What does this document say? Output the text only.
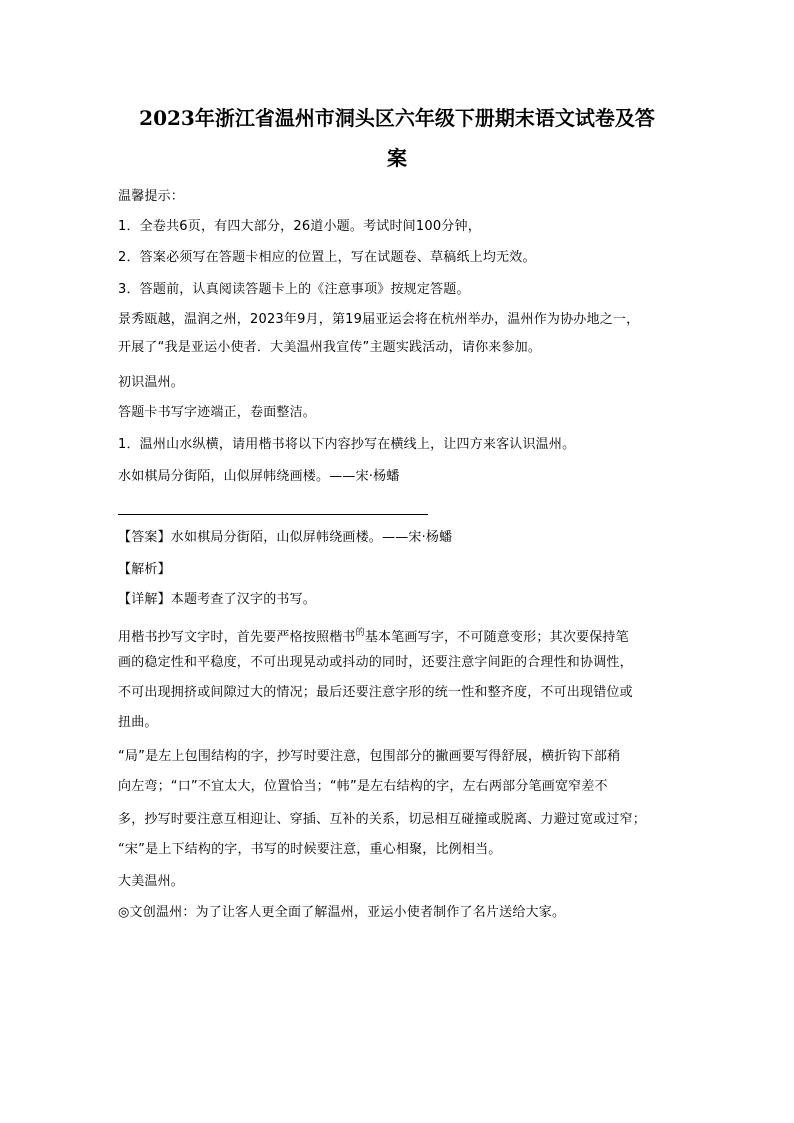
2023年浙江省温州市洞头区六年级下册期末语文试卷及答
案
温馨提示：
1．全卷共6页，有四大部分，26道小题。考试时间100分钟，
2．答案必须写在答题卡相应的位置上，写在试题卷、草稿纸上均无效。
3．答题前，认真阅读答题卡上的《注意事项》按规定答题。
景秀瓯越，温润之州，2023年9月，第19届亚运会将在杭州举办，温州作为协办地之一，
开展了“我是亚运小使者．大美温州我宣传”主题实践活动，请你来参加。
初识温州。
答题卡书写字迹端正，卷面整洁。
1．温州山水纵横，请用楷书将以下内容抄写在横线上，让四方来客认识温州。
水如棋局分街陌，山似屏帏绕画楼。——宋·杨蟠
【答案】水如棋局分街陌，山似屏帏绕画楼。——宋·杨蟠
【解析】
【详解】本题考查了汉字的书写。
用楷书抄写文字时，首先要严格按照楷书$^的$基本笔画写字，不可随意变形；其次要保持笔
画的稳定性和平稳度，不可出现晃动或抖动的同时，还要注意字间距的合理性和协调性，
不可出现拥挤或间隙过大的情况；最后还要注意字形的统一性和整齐度，不可出现错位或
扭曲。
“局”是左上包围结构的字，抄写时要注意，包围部分的撇画要写得舒展，横折钩下部稍
向左弯；“口”不宜太大，位置恰当；“帏”是左右结构的字，左右两部分笔画宽窄差不
多，抄写时要注意互相迎让、穿插、互补的关系，切忌相互碰撞或脱离、力避过宽或过窄；
“宋”是上下结构的字，书写的时候要注意，重心相聚，比例相当。
大美温州。
◎文创温州：为了让客人更全面了解温州，亚运小使者制作了名片送给大家。
